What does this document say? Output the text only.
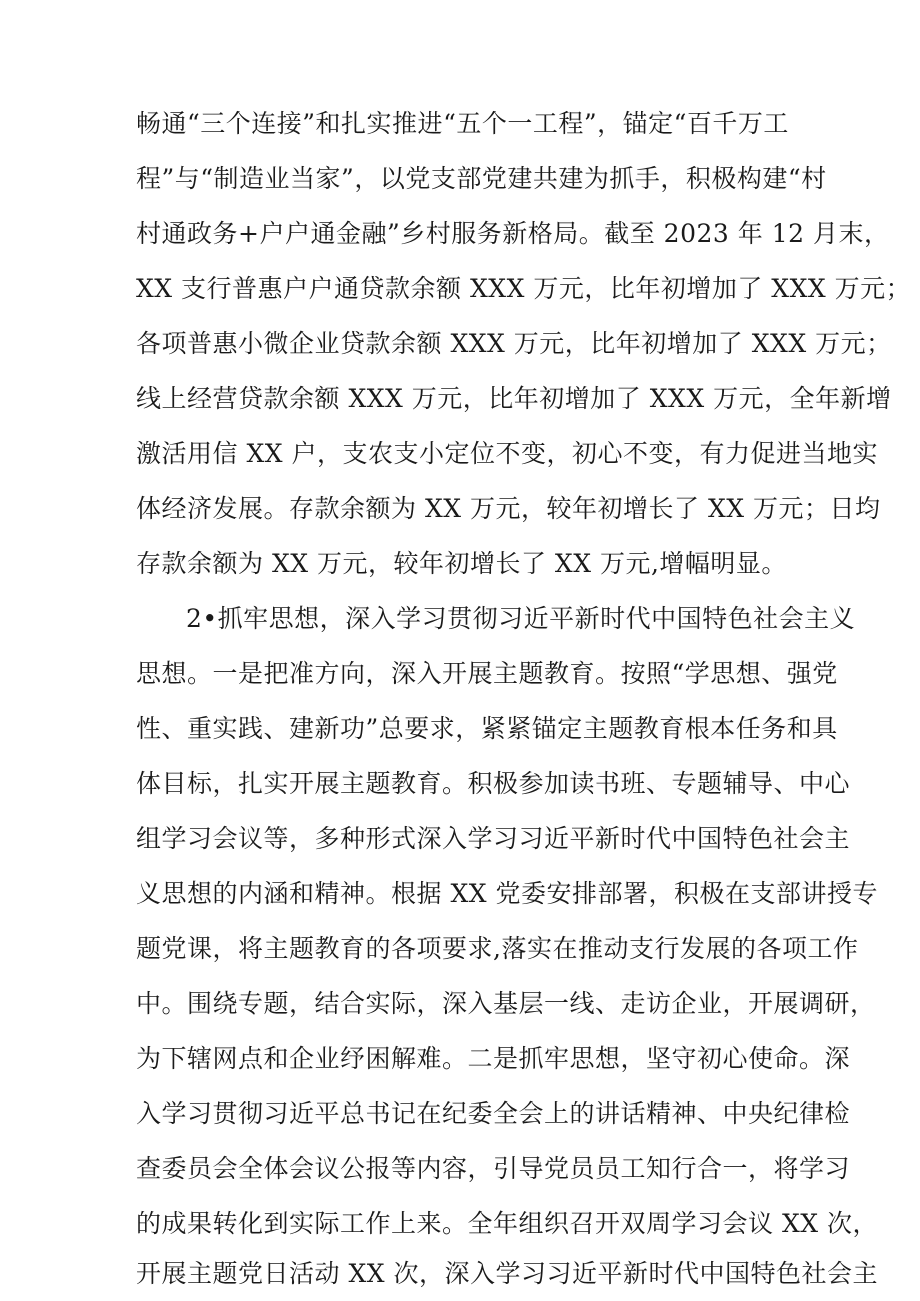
畅通“三个连接”和扎实推进“五个一工程”，锚定“百千万工
程”与“制造业当家”，以党支部党建共建为抓手，积极构建“村
村通政务+户户通金融”乡村服务新格局。截至 2023 年 12 月末，
XX 支行普惠户户通贷款余额 XXX 万元，比年初增加了 XXX 万元；
各项普惠小微企业贷款余额 XXX 万元，比年初增加了 XXX 万元；
线上经营贷款余额 XXX 万元，比年初增加了 XXX 万元，全年新增
激活用信 XX 户，支农支小定位不变，初心不变，有力促进当地实
体经济发展。存款余额为 XX 万元，较年初增长了 XX 万元；日均
存款余额为 XX 万元，较年初增长了 XX 万元,增幅明显。
2•抓牢思想，深入学习贯彻习近平新时代中国特色社会主义
思想。一是把准方向，深入开展主题教育。按照“学思想、强党
性、重实践、建新功”总要求，紧紧锚定主题教育根本任务和具
体目标，扎实开展主题教育。积极参加读书班、专题辅导、中心
组学习会议等，多种形式深入学习习近平新时代中国特色社会主
义思想的内涵和精神。根据 XX 党委安排部署，积极在支部讲授专
题党课，将主题教育的各项要求,落实在推动支行发展的各项工作
中。围绕专题，结合实际，深入基层一线、走访企业，开展调研，
为下辖网点和企业纾困解难。二是抓牢思想，坚守初心使命。深
入学习贯彻习近平总书记在纪委全会上的讲话精神、中央纪律检
查委员会全体会议公报等内容，引导党员员工知行合一，将学习
的成果转化到实际工作上来。全年组织召开双周学习会议 XX 次，
开展主题党日活动 XX 次，深入学习习近平新时代中国特色社会主
